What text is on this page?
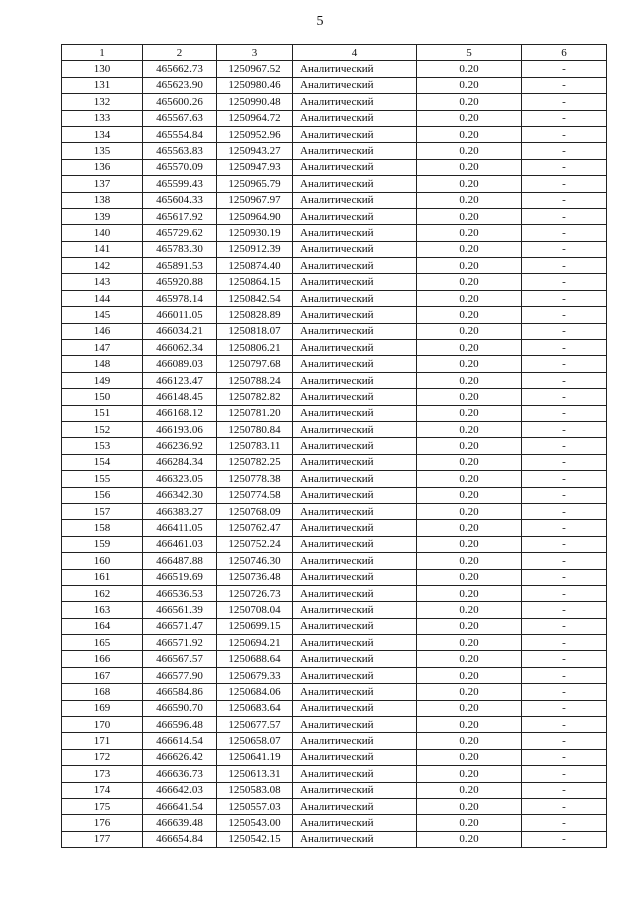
5
1	2	3	4	5	6
130	465662.73	1250967.52	Аналитический	0.20	-
131	465623.90	1250980.46	Аналитический	0.20	-
132	465600.26	1250990.48	Аналитический	0.20	-
133	465567.63	1250964.72	Аналитический	0.20	-
134	465554.84	1250952.96	Аналитический	0.20	-
135	465563.83	1250943.27	Аналитический	0.20	-
136	465570.09	1250947.93	Аналитический	0.20	-
137	465599.43	1250965.79	Аналитический	0.20	-
138	465604.33	1250967.97	Аналитический	0.20	-
139	465617.92	1250964.90	Аналитический	0.20	-
140	465729.62	1250930.19	Аналитический	0.20	-
141	465783.30	1250912.39	Аналитический	0.20	-
142	465891.53	1250874.40	Аналитический	0.20	-
143	465920.88	1250864.15	Аналитический	0.20	-
144	465978.14	1250842.54	Аналитический	0.20	-
145	466011.05	1250828.89	Аналитический	0.20	-
146	466034.21	1250818.07	Аналитический	0.20	-
147	466062.34	1250806.21	Аналитический	0.20	-
148	466089.03	1250797.68	Аналитический	0.20	-
149	466123.47	1250788.24	Аналитический	0.20	-
150	466148.45	1250782.82	Аналитический	0.20	-
151	466168.12	1250781.20	Аналитический	0.20	-
152	466193.06	1250780.84	Аналитический	0.20	-
153	466236.92	1250783.11	Аналитический	0.20	-
154	466284.34	1250782.25	Аналитический	0.20	-
155	466323.05	1250778.38	Аналитический	0.20	-
156	466342.30	1250774.58	Аналитический	0.20	-
157	466383.27	1250768.09	Аналитический	0.20	-
158	466411.05	1250762.47	Аналитический	0.20	-
159	466461.03	1250752.24	Аналитический	0.20	-
160	466487.88	1250746.30	Аналитический	0.20	-
161	466519.69	1250736.48	Аналитический	0.20	-
162	466536.53	1250726.73	Аналитический	0.20	-
163	466561.39	1250708.04	Аналитический	0.20	-
164	466571.47	1250699.15	Аналитический	0.20	-
165	466571.92	1250694.21	Аналитический	0.20	-
166	466567.57	1250688.64	Аналитический	0.20	-
167	466577.90	1250679.33	Аналитический	0.20	-
168	466584.86	1250684.06	Аналитический	0.20	-
169	466590.70	1250683.64	Аналитический	0.20	-
170	466596.48	1250677.57	Аналитический	0.20	-
171	466614.54	1250658.07	Аналитический	0.20	-
172	466626.42	1250641.19	Аналитический	0.20	-
173	466636.73	1250613.31	Аналитический	0.20	-
174	466642.03	1250583.08	Аналитический	0.20	-
175	466641.54	1250557.03	Аналитический	0.20	-
176	466639.48	1250543.00	Аналитический	0.20	-
177	466654.84	1250542.15	Аналитический	0.20	-
